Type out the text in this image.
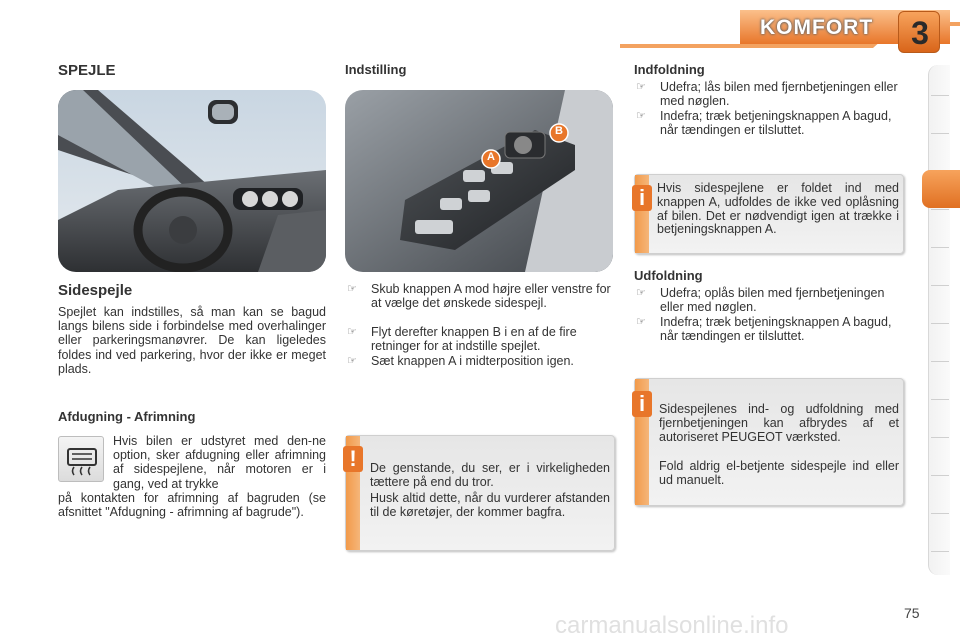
KOMFORT	3
SPEJLE
Sidespejle
Spejlet kan indstilles, så man kan se bagud langs bilens side i forbindelse med overhalinger eller parkeringsmanøvrer. De kan ligeledes foldes ind ved parkering, hvor der ikke er meget plads.
Afdugning - Afrimning
Hvis bilen er udstyret med den-ne option, sker afdugning eller afrimning af sidespejlene, når motoren er i gang, ved at trykke
på kontakten for afrimning af bagruden (se afsnittet "Afdugning - afrimning af bagrude").
Indstilling
A
B
☞ Skub knappen A mod højre eller venstre for at vælge det ønskede sidespejl.
☞ Flyt derefter knappen B i en af de fire retninger for at indstille spejlet.
☞ Sæt knappen A i midterposition igen.
!	De genstande, du ser, er i virkeligheden tættere på end du tror.
Husk altid dette, når du vurderer afstanden til de køretøjer, der kommer bagfra.
Indfoldning
☞ Udefra; lås bilen med fjernbetjeningen eller med nøglen.
☞ Indefra; træk betjeningsknappen A bagud, når tændingen er tilsluttet.
i Hvis sidespejlene er foldet ind med knappen A, udfoldes de ikke ved oplåsning af bilen. Det er nødvendigt igen at trække i betjeningsknappen A.
Udfoldning
☞ Udefra; oplås bilen med fjernbetjeningen eller med nøglen.
☞ Indefra; træk betjeningsknappen A bagud, når tændingen er tilsluttet.
i	Sidespejlenes ind- og udfoldning med fjernbetjeningen kan afbrydes af et autoriseret PEUGEOT værksted.
Fold aldrig el-betjente sidespejle ind eller ud manuelt.
75
carmanualsonline.info
